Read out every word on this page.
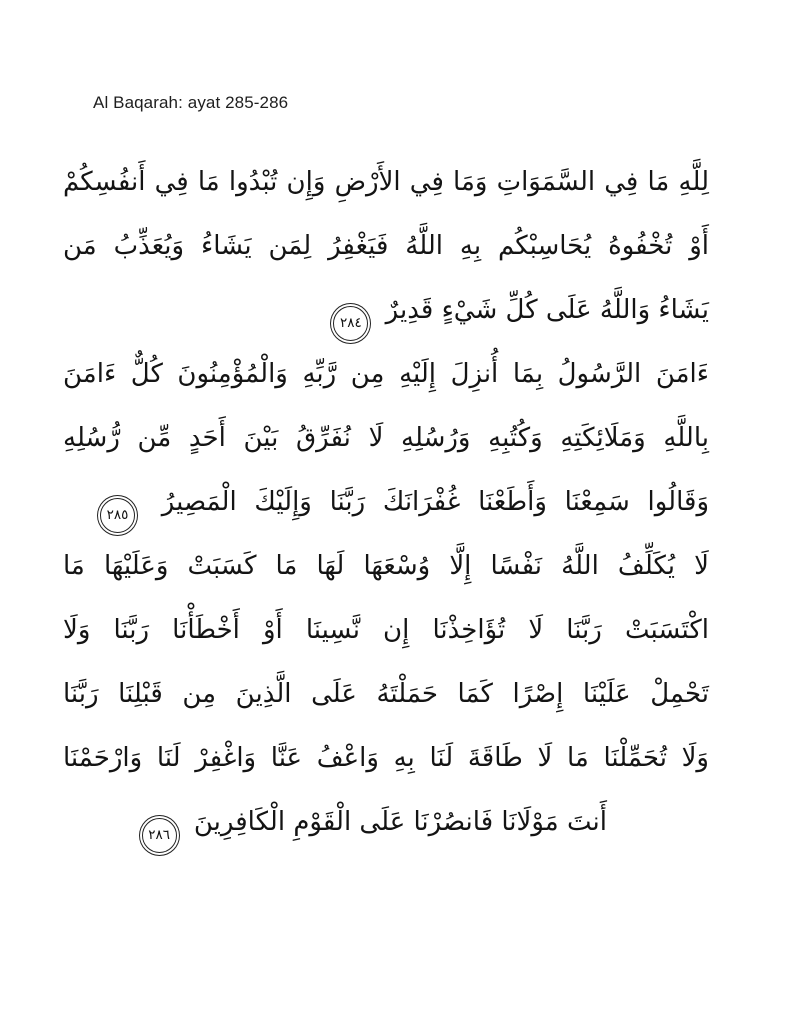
Al Baqarah: ayat 285-286
لِلَّهِ مَا فِي السَّمَوَاتِ وَمَا فِي الأَرْضِ وَإِن تُبْدُوا مَا فِي أَنفُسِكُمْ
أَوْ تُخْفُوهُ يُحَاسِبْكُم بِهِ اللَّهُ فَيَغْفِرُ لِمَن يَشَاءُ وَيُعَذِّبُ مَن
يَشَاءُ وَاللَّهُ عَلَى كُلِّ شَيْءٍ قَدِيرٌ
٢٨٤
ءَامَنَ الرَّسُولُ بِمَا أُنزِلَ إِلَيْهِ مِن رَّبِّهِ وَالْمُؤْمِنُونَ كُلٌّ ءَامَنَ
بِاللَّهِ وَمَلَائِكَتِهِ وَكُتُبِهِ وَرُسُلِهِ لَا نُفَرِّقُ بَيْنَ أَحَدٍ مِّن رُّسُلِهِ
وَقَالُوا سَمِعْنَا وَأَطَعْنَا غُفْرَانَكَ رَبَّنَا وَإِلَيْكَ الْمَصِيرُ
٢٨٥
لَا يُكَلِّفُ اللَّهُ نَفْسًا إِلَّا وُسْعَهَا لَهَا مَا كَسَبَتْ وَعَلَيْهَا مَا
اكْتَسَبَتْ رَبَّنَا لَا تُؤَاخِذْنَا إِن نَّسِينَا أَوْ أَخْطَأْنَا رَبَّنَا وَلَا
تَحْمِلْ عَلَيْنَا إِصْرًا كَمَا حَمَلْتَهُ عَلَى الَّذِينَ مِن قَبْلِنَا رَبَّنَا
وَلَا تُحَمِّلْنَا مَا لَا طَاقَةَ لَنَا بِهِ وَاعْفُ عَنَّا وَاغْفِرْ لَنَا وَارْحَمْنَا
أَنتَ مَوْلَانَا فَانصُرْنَا عَلَى الْقَوْمِ الْكَافِرِينَ
٢٨٦
